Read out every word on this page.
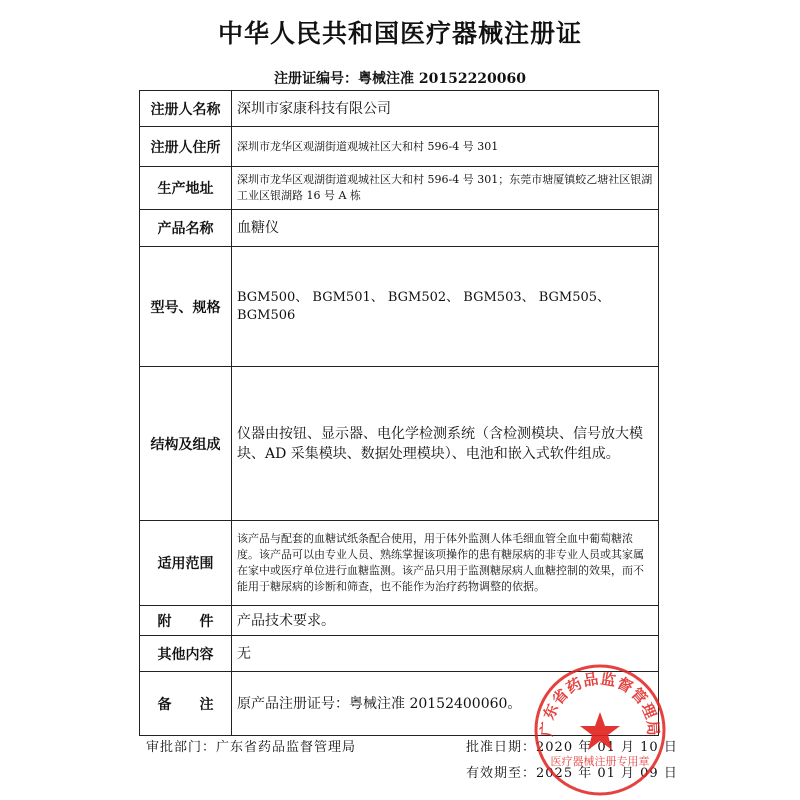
中华人民共和国医疗器械注册证
注册证编号：粤械注准 20152220060
注册人名称	深圳市家康科技有限公司
注册人住所	深圳市龙华区观湖街道观城社区大和村 596-4 号 301
生产地址	深圳市龙华区观湖街道观城社区大和村 596-4 号 301；东莞市塘厦镇蛟乙塘社区银湖工业区银湖路 16 号 A 栋
产品名称	血糖仪
型号、规格	BGM500、 BGM501、 BGM502、 BGM503、 BGM505、 BGM506
结构及组成	仪器由按钮、显示器、电化学检测系统（含检测模块、信号放大模块、AD 采集模块、数据处理模块）、电池和嵌入式软件组成。
适用范围	该产品与配套的血糖试纸条配合使用，用于体外监测人体毛细血管全血中葡萄糖浓度。该产品可以由专业人员、熟练掌握该项操作的患有糖尿病的非专业人员或其家属在家中或医疗单位进行血糖监测。该产品只用于监测糖尿病人血糖控制的效果，而不能用于糖尿病的诊断和筛查，也不能作为治疗药物调整的依据。
附　　件	产品技术要求。
其他内容	无
备　　注	原产品注册证号：粤械注准 20152400060。
审批部门：广东省药品监督管理局	批准日期：2020 年 01 月 10 日
有效期至：2025 年 01 月 09 日
广东省药品监督管理局
医疗器械注册专用章
